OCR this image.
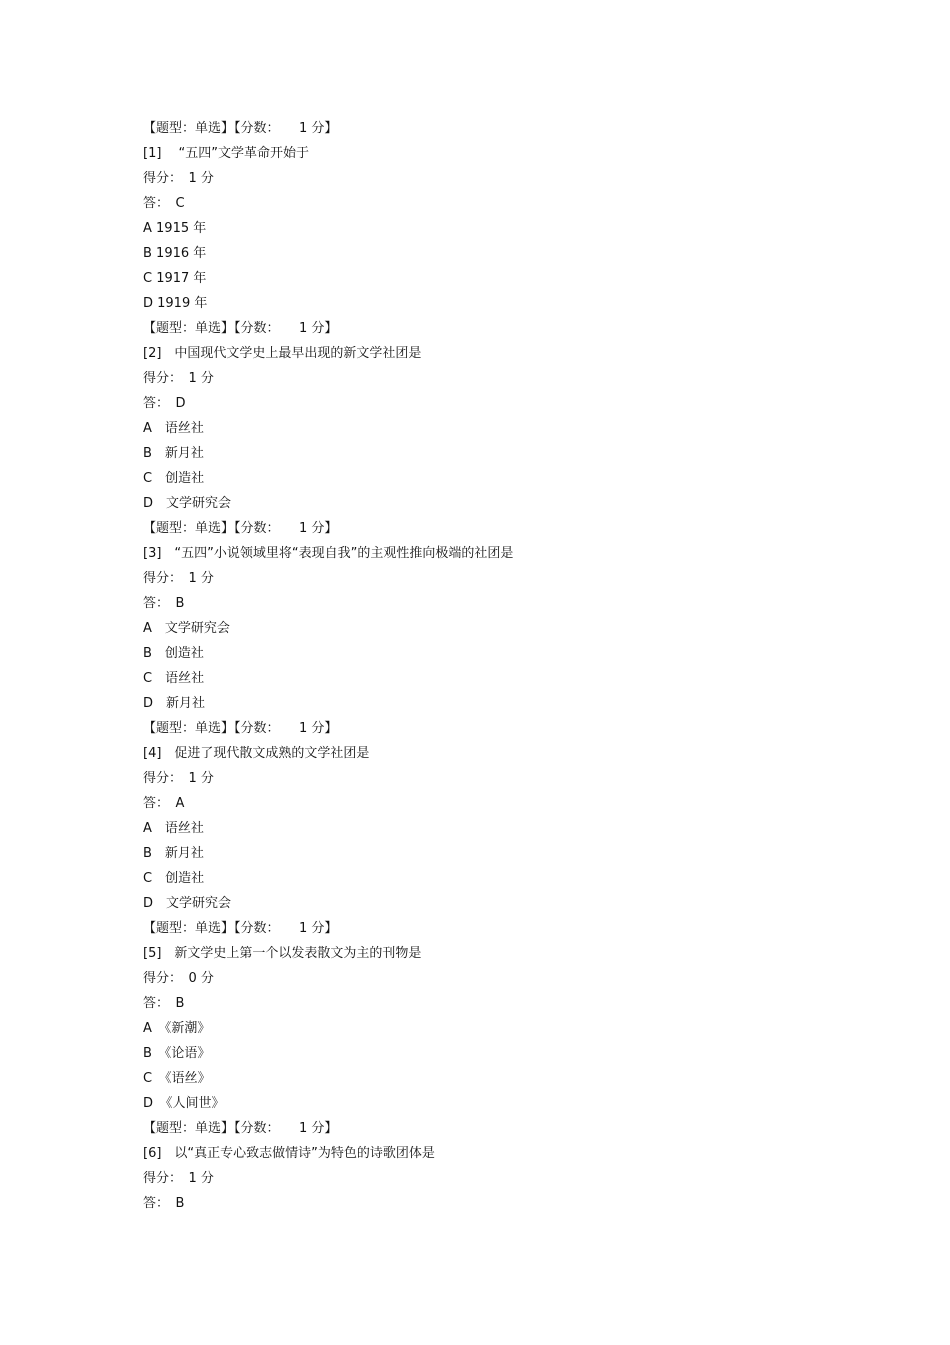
【题型：单选】【分数：　　1 分】
[1]　 “五四”文学革命开始于
得分：　1 分
答：　C
A 1915 年
B 1916 年
C 1917 年
D 1919 年
【题型：单选】【分数：　　1 分】
[2]　中国现代文学史上最早出现的新文学社团是
得分：　1 分
答：　D
A　语丝社
B　新月社
C　创造社
D　文学研究会
【题型：单选】【分数：　　1 分】
[3]　“五四”小说领域里将“表现自我”的主观性推向极端的社团是
得分：　1 分
答：　B
A　文学研究会
B　创造社
C　语丝社
D　新月社
【题型：单选】【分数：　　1 分】
[4]　促进了现代散文成熟的文学社团是
得分：　1 分
答：　A
A　语丝社
B　新月社
C　创造社
D　文学研究会
【题型：单选】【分数：　　1 分】
[5]　新文学史上第一个以发表散文为主的刊物是
得分：　0 分
答：　B
A　《新潮》
B　《论语》
C　《语丝》
D　《人间世》
【题型：单选】【分数：　　1 分】
[6]　以“真正专心致志做情诗”为特色的诗歌团体是
得分：　1 分
答：　B
